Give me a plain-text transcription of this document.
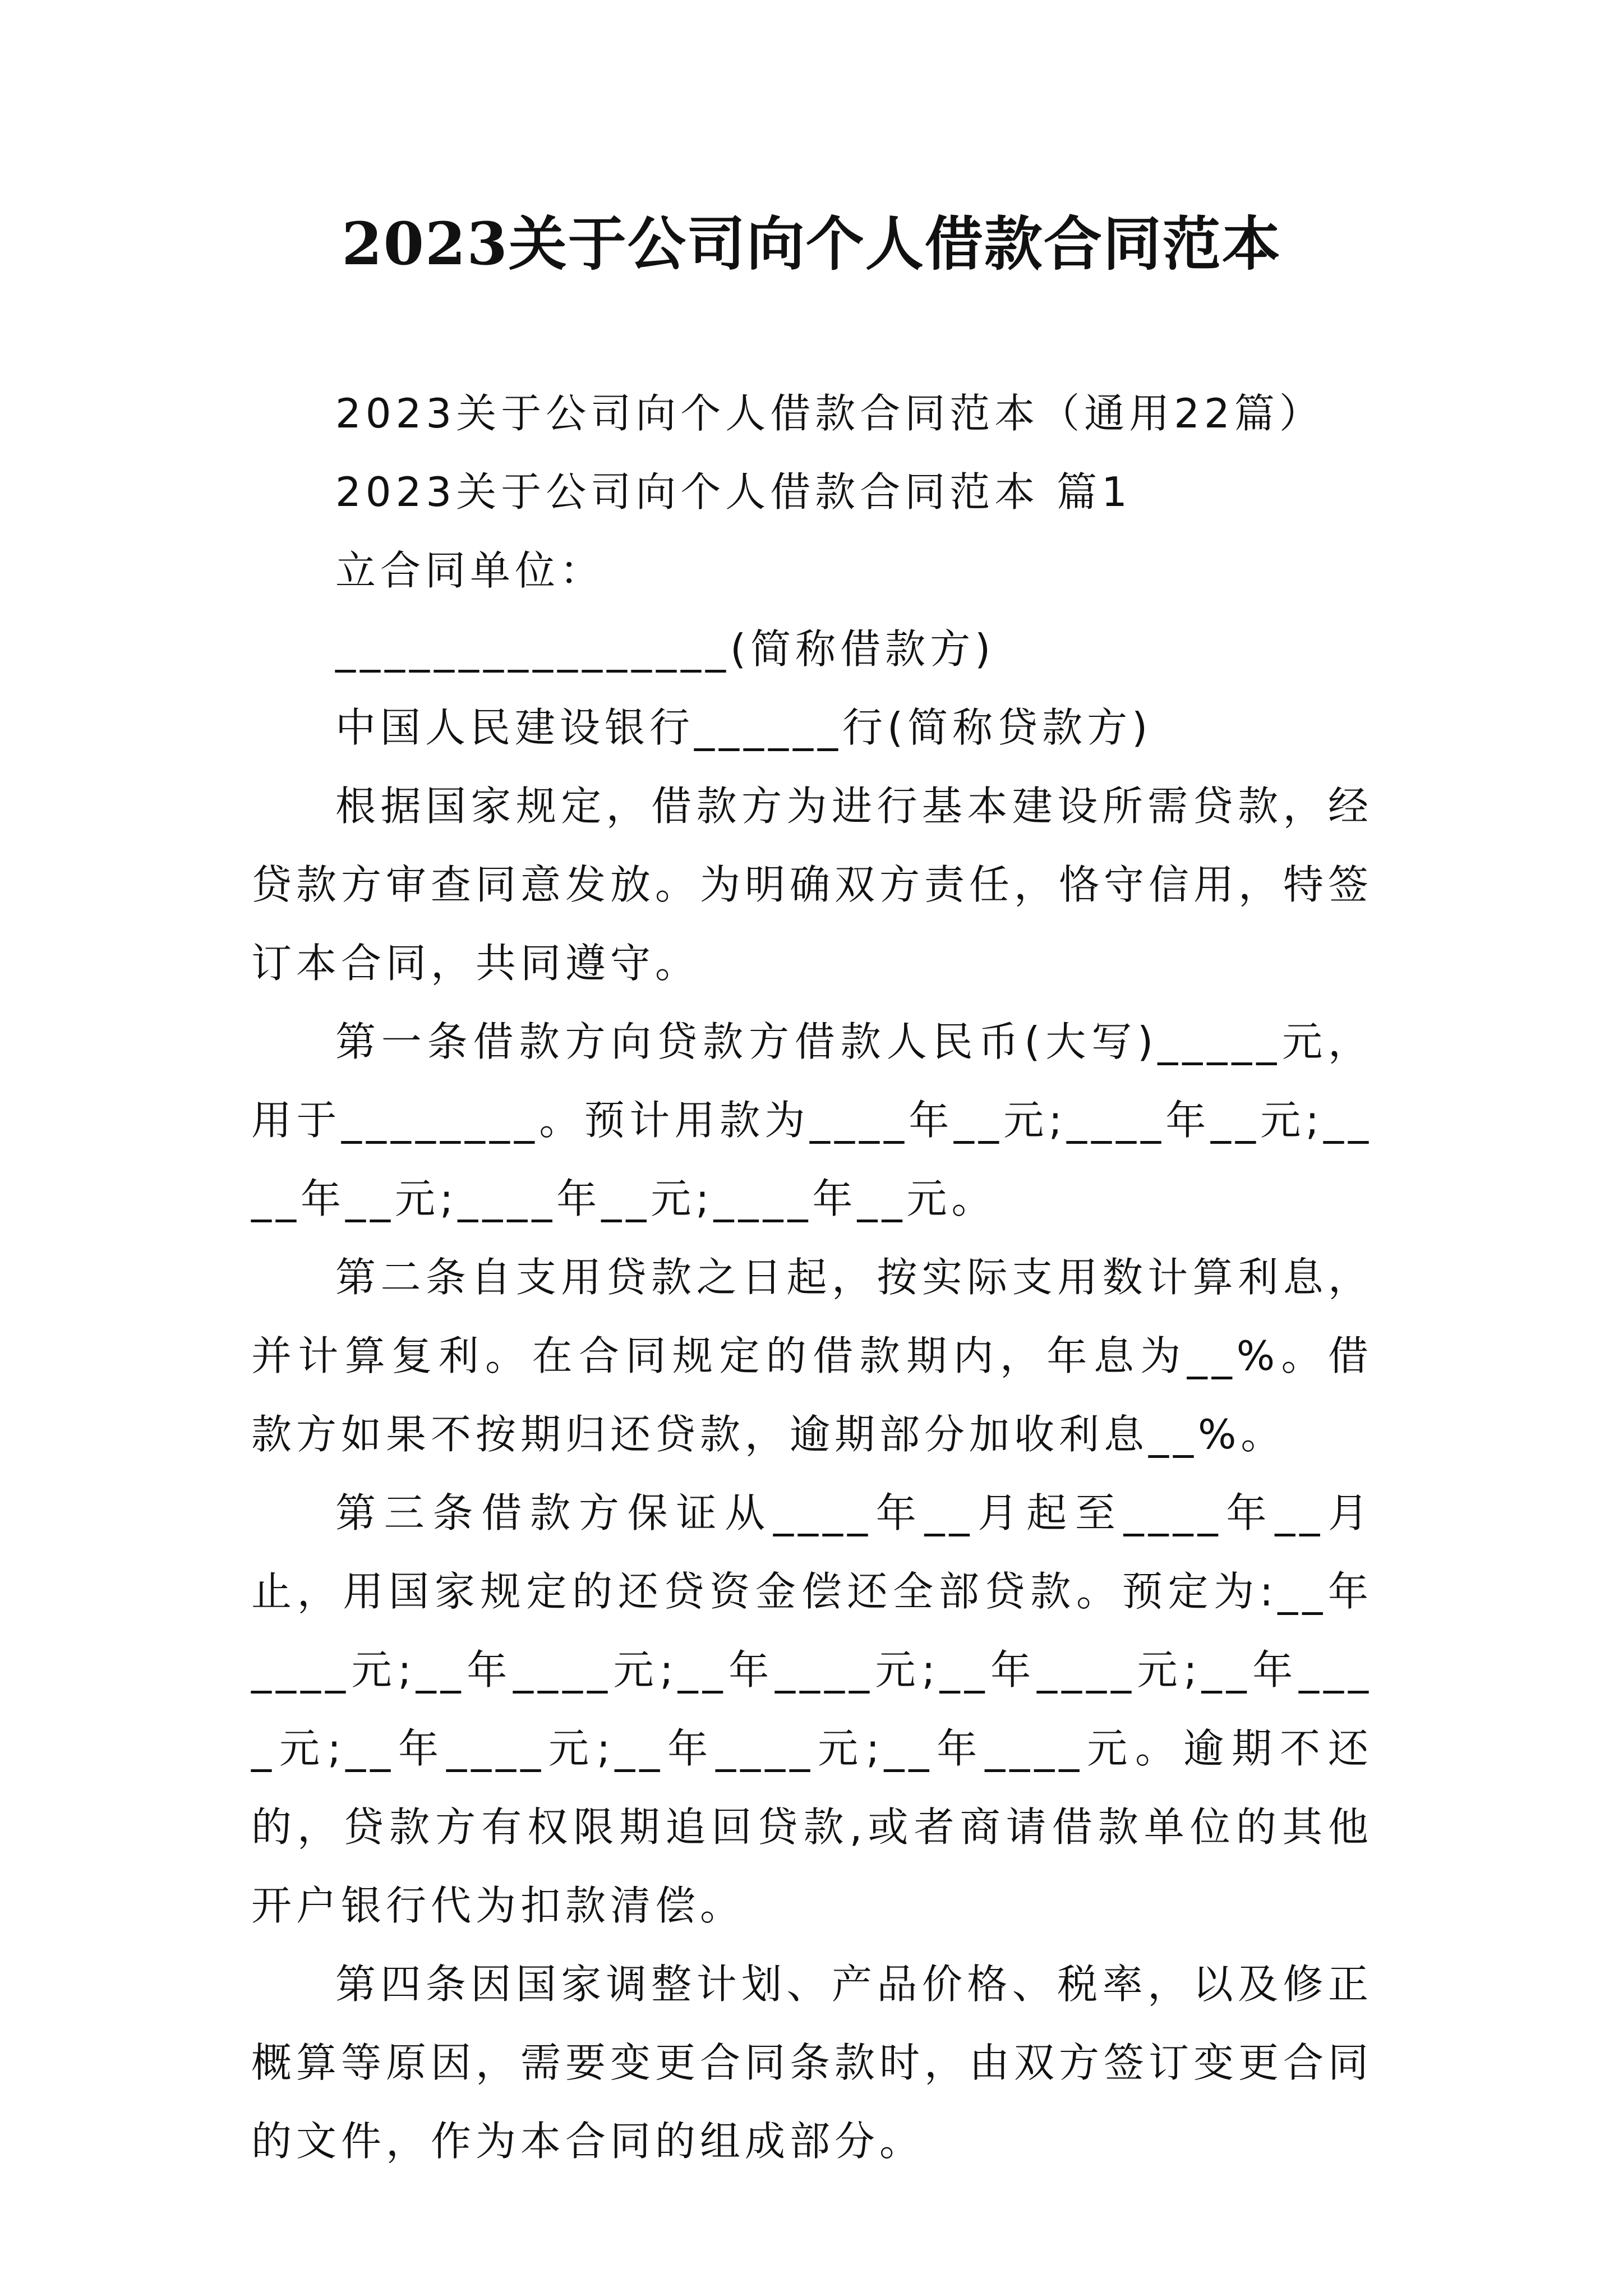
2023关于公司向个人借款合同范本

2023关于公司向个人借款合同范本（通用22篇）

2023关于公司向个人借款合同范本 篇1

立合同单位：

________________(简称借款方)

中国人民建设银行______行(简称贷款方)

根据国家规定，借款方为进行基本建设所需贷款，经贷款方审查同意发放。为明确双方责任，恪守信用，特签订本合同，共同遵守。

第一条借款方向贷款方借款人民币(大写)_____元，用于________。预计用款为____年__元;____年__元;____年__元;____年__元;____年__元。

第二条自支用贷款之日起，按实际支用数计算利息，并计算复利。在合同规定的借款期内，年息为__%。借款方如果不按期归还贷款，逾期部分加收利息__%。

第三条借款方保证从____年__月起至____年__月止，用国家规定的还贷资金偿还全部贷款。预定为:__年____元;__年____元;__年____元;__年____元;__年____元;__年____元;__年____元;__年____元。逾期不还的，贷款方有权限期追回贷款,或者商请借款单位的其他开户银行代为扣款清偿。

第四条因国家调整计划、产品价格、税率，以及修正概算等原因，需要变更合同条款时，由双方签订变更合同的文件，作为本合同的组成部分。
